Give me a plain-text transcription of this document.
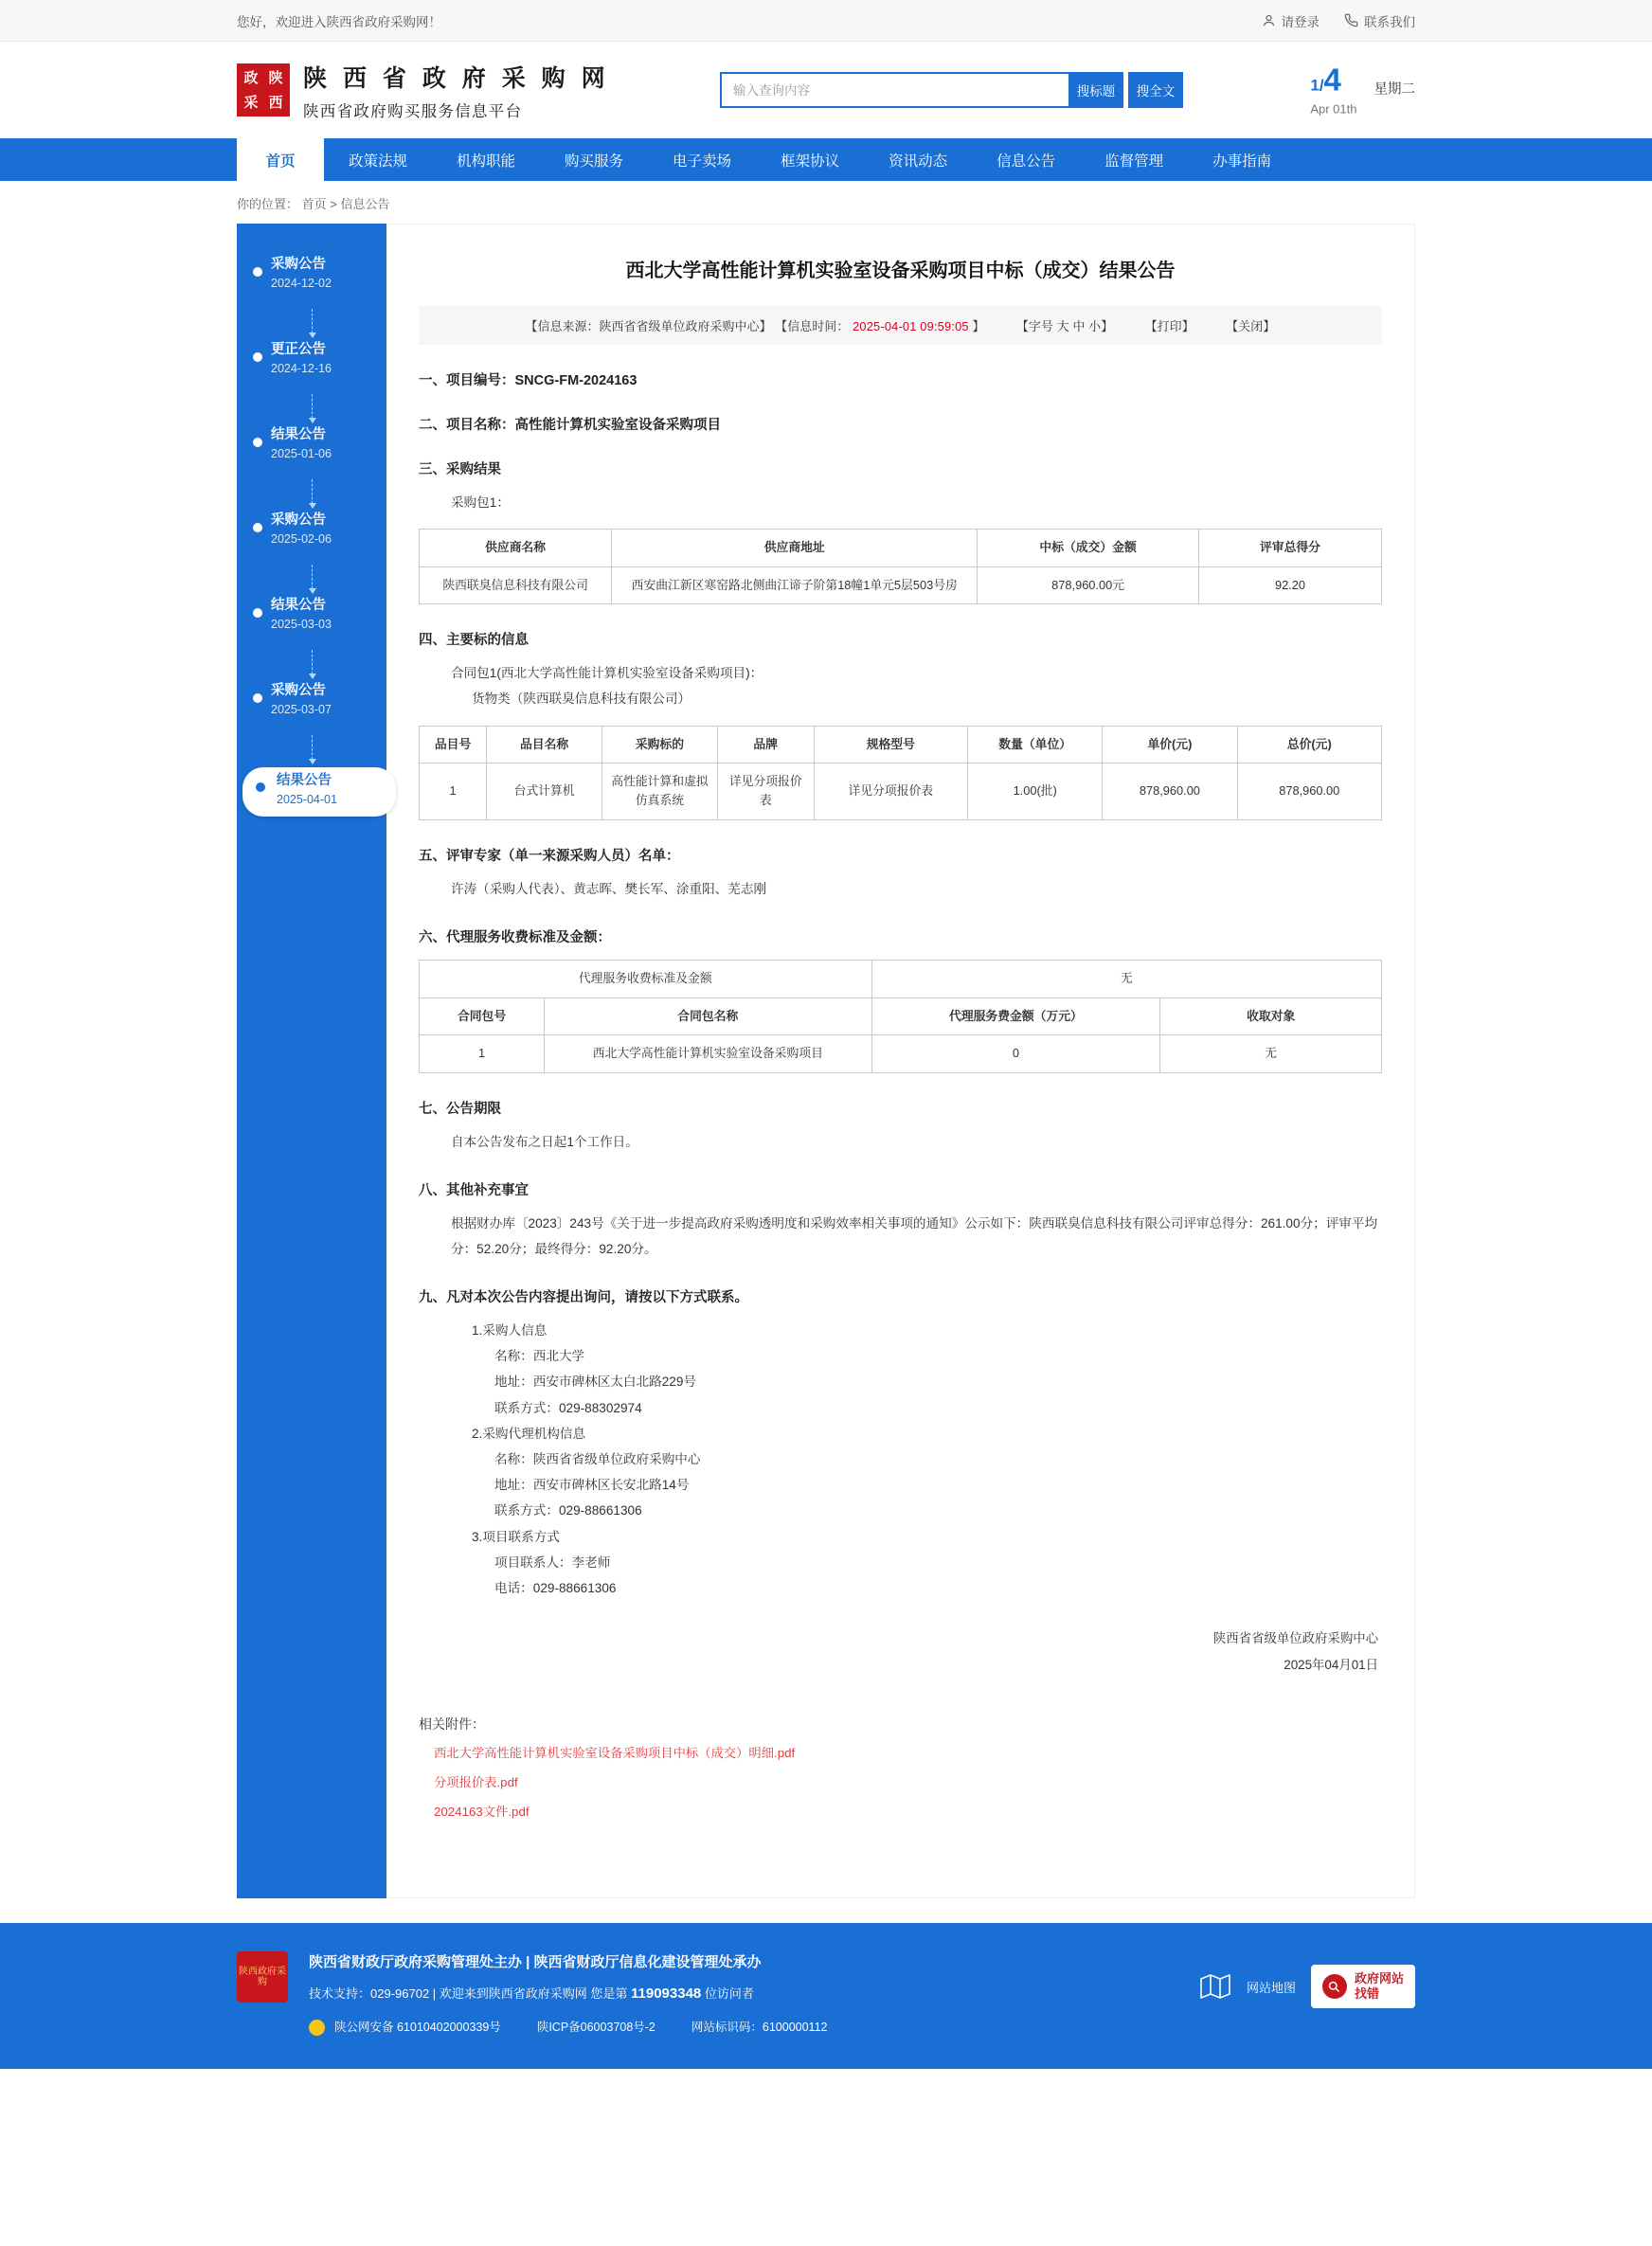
您好，欢迎进入陕西省政府采购网！	请登录	联系我们
政 陕
采 西
陕 西 省 政 府 采 购 网
陕西省政府购买服务信息平台
输入查询内容
搜标题	搜全文	1/4
Apr 01th
星期二
首页	政策法规	机构职能	购买服务	电子卖场	框架协议	资讯动态	信息公告	监督管理	办事指南
你的位置： 首页 > 信息公告
采购公告
2024-12-02
更正公告
2024-12-16
结果公告
2025-01-06
采购公告
2025-02-06
结果公告
2025-03-03
采购公告
2025-03-07
结果公告
2025-04-01
西北大学高性能计算机实验室设备采购项目中标（成交）结果公告
【信息来源：陕西省省级单位政府采购中心】 【信息时间： 2025-04-01 09:59:05 】	【字号 大 中 小】	【打印】	【关闭】
一、项目编号：SNCG-FM-2024163
二、项目名称：高性能计算机实验室设备采购项目
三、采购结果
采购包1：
供应商名称	供应商地址	中标（成交）金额	评审总得分
陕西联臭信息科技有限公司	西安曲江新区寒窑路北侧曲江谛子阶第18幢1单元5层503号房	878,960.00元	92.20
四、主要标的信息
合同包1(西北大学高性能计算机实验室设备采购项目)：
货物类（陕西联臭信息科技有限公司）
品目号	品目名称	采购标的	品牌	规格型号	数量（单位）	单价(元)	总价(元)
1	台式计算机	高性能计算和虚拟仿真系统	详见分项报价表	详见分项报价表	1.00(批)	878,960.00	878,960.00
五、评审专家（单一来源采购人员）名单：
许涛（采购人代表）、黄志晖、樊长军、涂重阳、芜志刚
六、代理服务收费标准及金额：
代理服务收费标准及金额		无	
合同包号	合同包名称	代理服务费金额（万元）	收取对象
1	西北大学高性能计算机实验室设备采购项目	0	无
七、公告期限
自本公告发布之日起1个工作日。
八、其他补充事宜
根据财办库〔2023〕243号《关于进一步提高政府采购透明度和采购效率相关事项的通知》公示如下：陕西联臭信息科技有限公司评审总得分：261.00分；评审平均分：52.20分；最终得分：92.20分。
九、凡对本次公告内容提出询问，请按以下方式联系。
1.采购人信息
名称：西北大学
地址：西安市碑林区太白北路229号
联系方式：029-88302974
2.采购代理机构信息
名称：陕西省省级单位政府采购中心
地址：西安市碑林区长安北路14号
联系方式：029-88661306
3.项目联系方式
项目联系人：李老师
电话：029-88661306
陕西省省级单位政府采购中心
2025年04月01日
相关附件：
西北大学高性能计算机实验室设备采购项目中标（成交）明细.pdf
分项报价表.pdf
2024163文件.pdf
陕西政府采购
陕西省财政厅政府采购管理处主办 | 陕西省财政厅信息化建设管理处承办
技术支持：029-96702 | 欢迎来到陕西省政府采购网 您是第 119093348 位访问者
陕公网安备 61010402000339号	陕ICP备06003708号-2	网站标识码：6100000112
网站地图
政府网站
找错
